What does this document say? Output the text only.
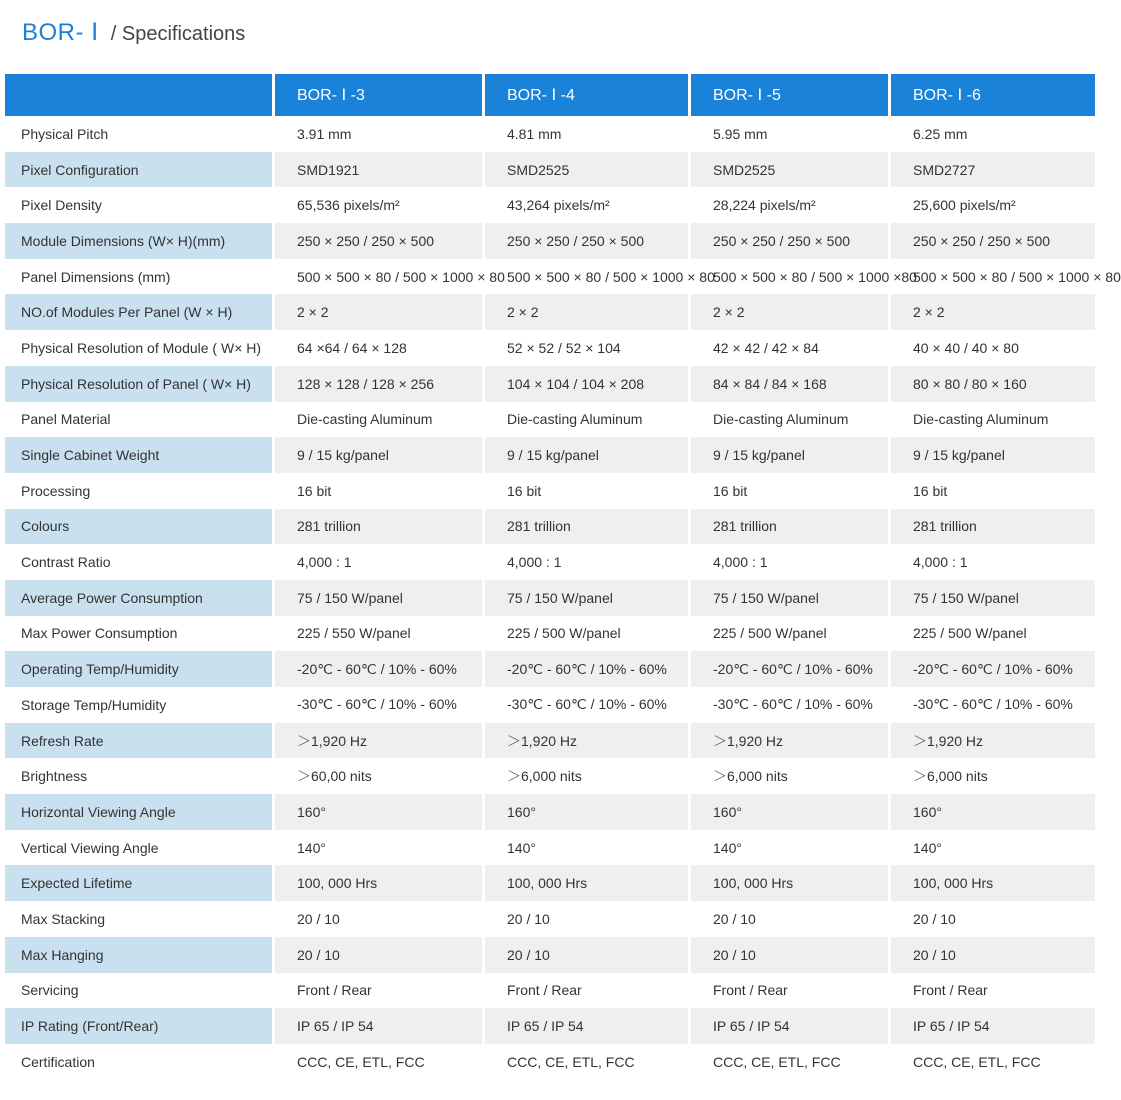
BOR- Ⅰ / Specifications
	BOR- Ⅰ -3	BOR- Ⅰ -4	BOR- Ⅰ -5	BOR- Ⅰ -6
Physical Pitch	3.91 mm	4.81 mm	5.95 mm	6.25 mm
Pixel Configuration	SMD1921	SMD2525	SMD2525	SMD2727
Pixel Density	65,536 pixels/m²	43,264 pixels/m²	28,224 pixels/m²	25,600 pixels/m²
Module Dimensions (W× H)(mm)	250 × 250 / 250 × 500	250 × 250 / 250 × 500	250 × 250 / 250 × 500	250 × 250 / 250 × 500
Panel Dimensions (mm)	500 × 500 × 80 / 500 × 1000 × 80	500 × 500 × 80 / 500 × 1000 × 80	500 × 500 × 80 / 500 × 1000 ×80	500 × 500 × 80 / 500 × 1000 × 80
NO.of Modules Per Panel (W × H)	2 × 2	2 × 2	2 × 2	2 × 2
Physical Resolution of Module ( W× H)	64 ×64 / 64 × 128	52 × 52 / 52 × 104	42 × 42 / 42 × 84	40 × 40 / 40 × 80
Physical Resolution of Panel ( W× H)	128 × 128 / 128 × 256	104 × 104 / 104 × 208	84 × 84 / 84 × 168	80 × 80 / 80 × 160
Panel Material	Die-casting Aluminum	Die-casting Aluminum	Die-casting Aluminum	Die-casting Aluminum
Single Cabinet Weight	9 / 15 kg/panel	9 / 15 kg/panel	9 / 15 kg/panel	9 / 15 kg/panel
Processing	16 bit	16 bit	16 bit	16 bit
Colours	281 trillion	281 trillion	281 trillion	281 trillion
Contrast Ratio	4,000 : 1	4,000 : 1	4,000 : 1	4,000 : 1
Average Power Consumption	75 / 150 W/panel	75 / 150 W/panel	75 / 150 W/panel	75 / 150 W/panel
Max Power Consumption	225 / 550 W/panel	225 / 500 W/panel	225 / 500 W/panel	225 / 500 W/panel
Operating Temp/Humidity	-20℃ - 60℃ / 10% - 60%	-20℃ - 60℃ / 10% - 60%	-20℃ - 60℃ / 10% - 60%	-20℃ - 60℃ / 10% - 60%
Storage Temp/Humidity	-30℃ - 60℃ / 10% - 60%	-30℃ - 60℃ / 10% - 60%	-30℃ - 60℃ / 10% - 60%	-30℃ - 60℃ / 10% - 60%
Refresh Rate	＞1,920 Hz	＞1,920 Hz	＞1,920 Hz	＞1,920 Hz
Brightness	＞60,00 nits	＞6,000 nits	＞6,000 nits	＞6,000 nits
Horizontal Viewing Angle	160°	160°	160°	160°
Vertical Viewing Angle	140°	140°	140°	140°
Expected Lifetime	100, 000 Hrs	100, 000 Hrs	100, 000 Hrs	100, 000 Hrs
Max Stacking	20 / 10	20 / 10	20 / 10	20 / 10
Max Hanging	20 / 10	20 / 10	20 / 10	20 / 10
Servicing	Front / Rear	Front / Rear	Front / Rear	Front / Rear
IP Rating (Front/Rear)	IP 65 / IP 54	IP 65 / IP 54	IP 65 / IP 54	IP 65 / IP 54
Certification	CCC, CE, ETL, FCC	CCC, CE, ETL, FCC	CCC, CE, ETL, FCC	CCC, CE, ETL, FCC
